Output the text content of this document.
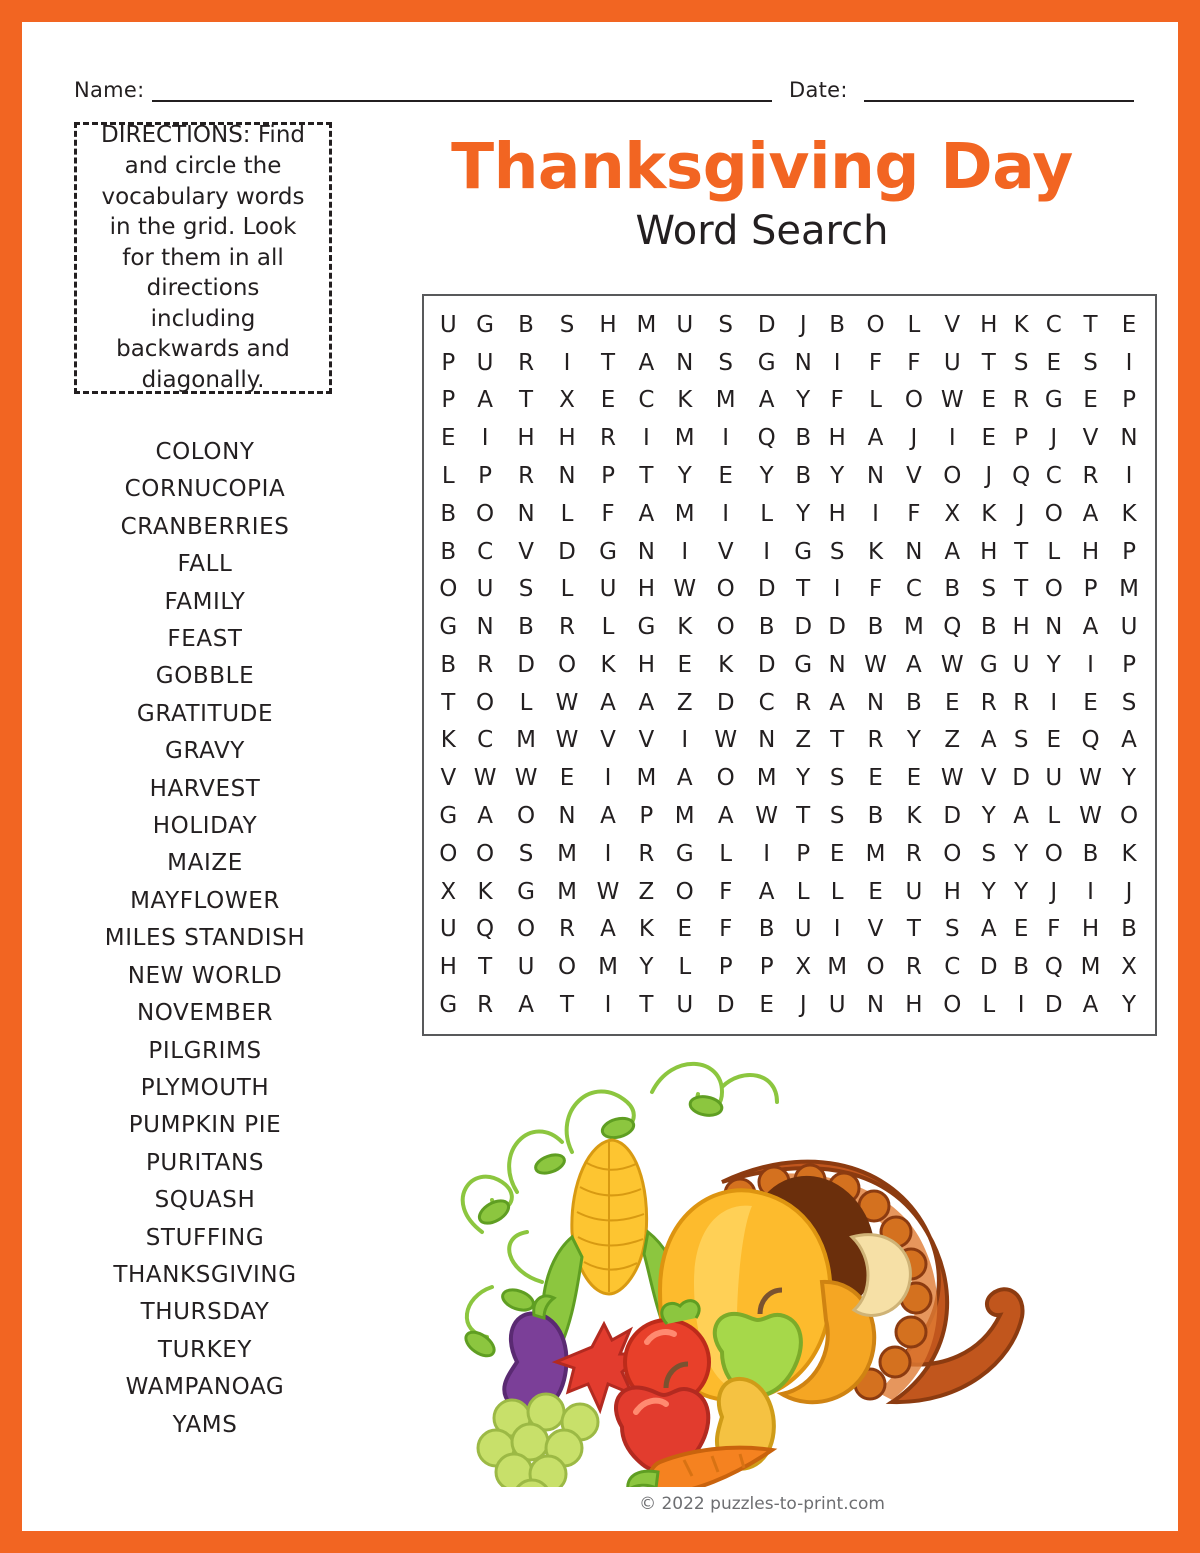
Name:	Date:
DIRECTIONS: Find and circle the vocabulary words in the grid. Look for them in all directions including backwards and diagonally.
COLONY
CORNUCOPIA
CRANBERRIES
FALL
FAMILY
FEAST
GOBBLE
GRATITUDE
GRAVY
HARVEST
HOLIDAY
MAIZE
MAYFLOWER
MILES STANDISH
NEW WORLD
NOVEMBER
PILGRIMS
PLYMOUTH
PUMPKIN PIE
PURITANS
SQUASH
STUFFING
THANKSGIVING
THURSDAY
TURKEY
WAMPANOAG
YAMS
Thanksgiving Day
Word Search
U	G	B	S	H	M	U	S	D	J	B	O	L	V	H	K	C	T	E
P	U	R	I	T	A	N	S	G	N	I	F	F	U	T	S	E	S	I
P	A	T	X	E	C	K	M	A	Y	F	L	O	W	E	R	G	E	P
E	I	H	H	R	I	M	I	Q	B	H	A	J	I	E	P	J	V	N
L	P	R	N	P	T	Y	E	Y	B	Y	N	V	O	J	Q	C	R	I
B	O	N	L	F	A	M	I	L	Y	H	I	F	X	K	J	O	A	K
B	C	V	D	G	N	I	V	I	G	S	K	N	A	H	T	L	H	P
O	U	S	L	U	H	W	O	D	T	I	F	C	B	S	T	O	P	M
G	N	B	R	L	G	K	O	B	D	D	B	M	Q	B	H	N	A	U
B	R	D	O	K	H	E	K	D	G	N	W	A	W	G	U	Y	I	P
T	O	L	W	A	A	Z	D	C	R	A	N	B	E	R	R	I	E	S
K	C	M	W	V	V	I	W	N	Z	T	R	Y	Z	A	S	E	Q	A
V	W	W	E	I	M	A	O	M	Y	S	E	E	W	V	D	U	W	Y
G	A	O	N	A	P	M	A	W	T	S	B	K	D	Y	A	L	W	O
O	O	S	M	I	R	G	L	I	P	E	M	R	O	S	Y	O	B	K
X	K	G	M	W	Z	O	F	A	L	L	E	U	H	Y	Y	J	I	J
U	Q	O	R	A	K	E	F	B	U	I	V	T	S	A	E	F	H	B
H	T	U	O	M	Y	L	P	P	X	M	O	R	C	D	B	Q	M	X
G	R	A	T	I	T	U	D	E	J	U	N	H	O	L	I	D	A	Y
© 2022 puzzles-to-print.com
